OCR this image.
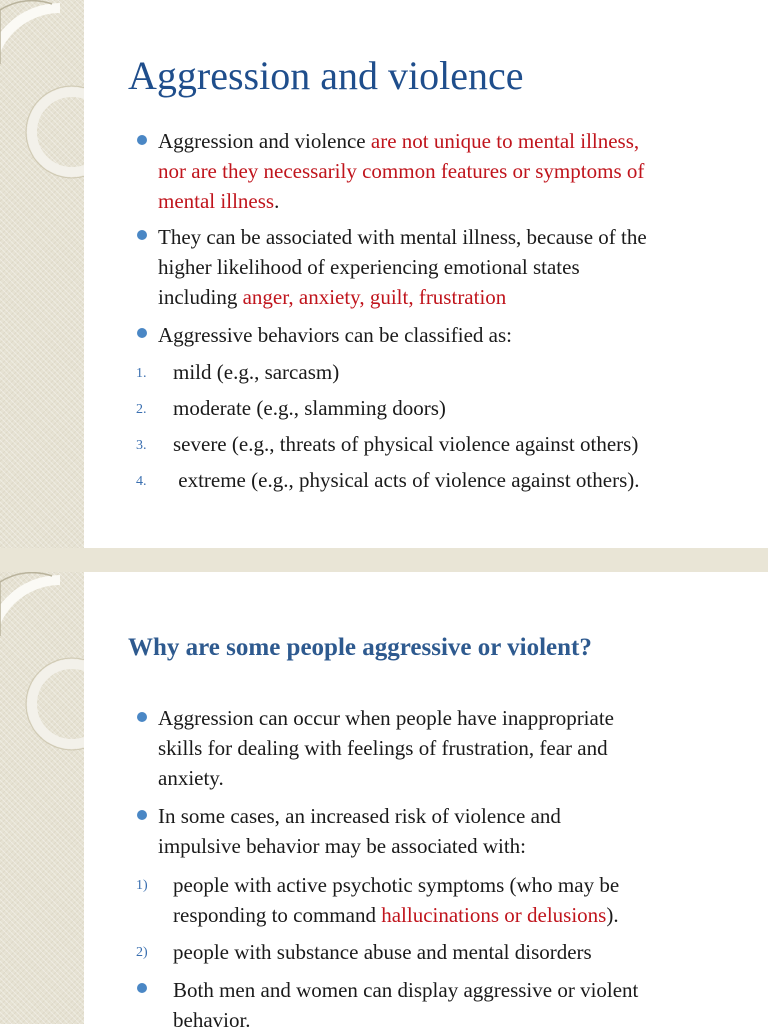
Aggression and violence
Aggression and violence are not unique to mental illness,
nor are they necessarily common features or symptoms of
mental illness.
They can be associated with mental illness, because of the
higher likelihood of experiencing emotional states
including anger, anxiety, guilt, frustration
Aggressive behaviors can be classified as:
1. mild (e.g., sarcasm)
2. moderate (e.g., slamming doors)
3. severe (e.g., threats of physical violence against others)
4. extreme (e.g., physical acts of violence against others).
Why are some people aggressive or violent?
Aggression can occur when people have inappropriate
skills for dealing with feelings of frustration, fear and
anxiety.
In some cases, an increased risk of violence and
impulsive behavior may be associated with:
1) people with active psychotic symptoms (who may be
responding to command hallucinations or delusions).
2) people with substance abuse and mental disorders
Both men and women can display aggressive or violent
behavior.
